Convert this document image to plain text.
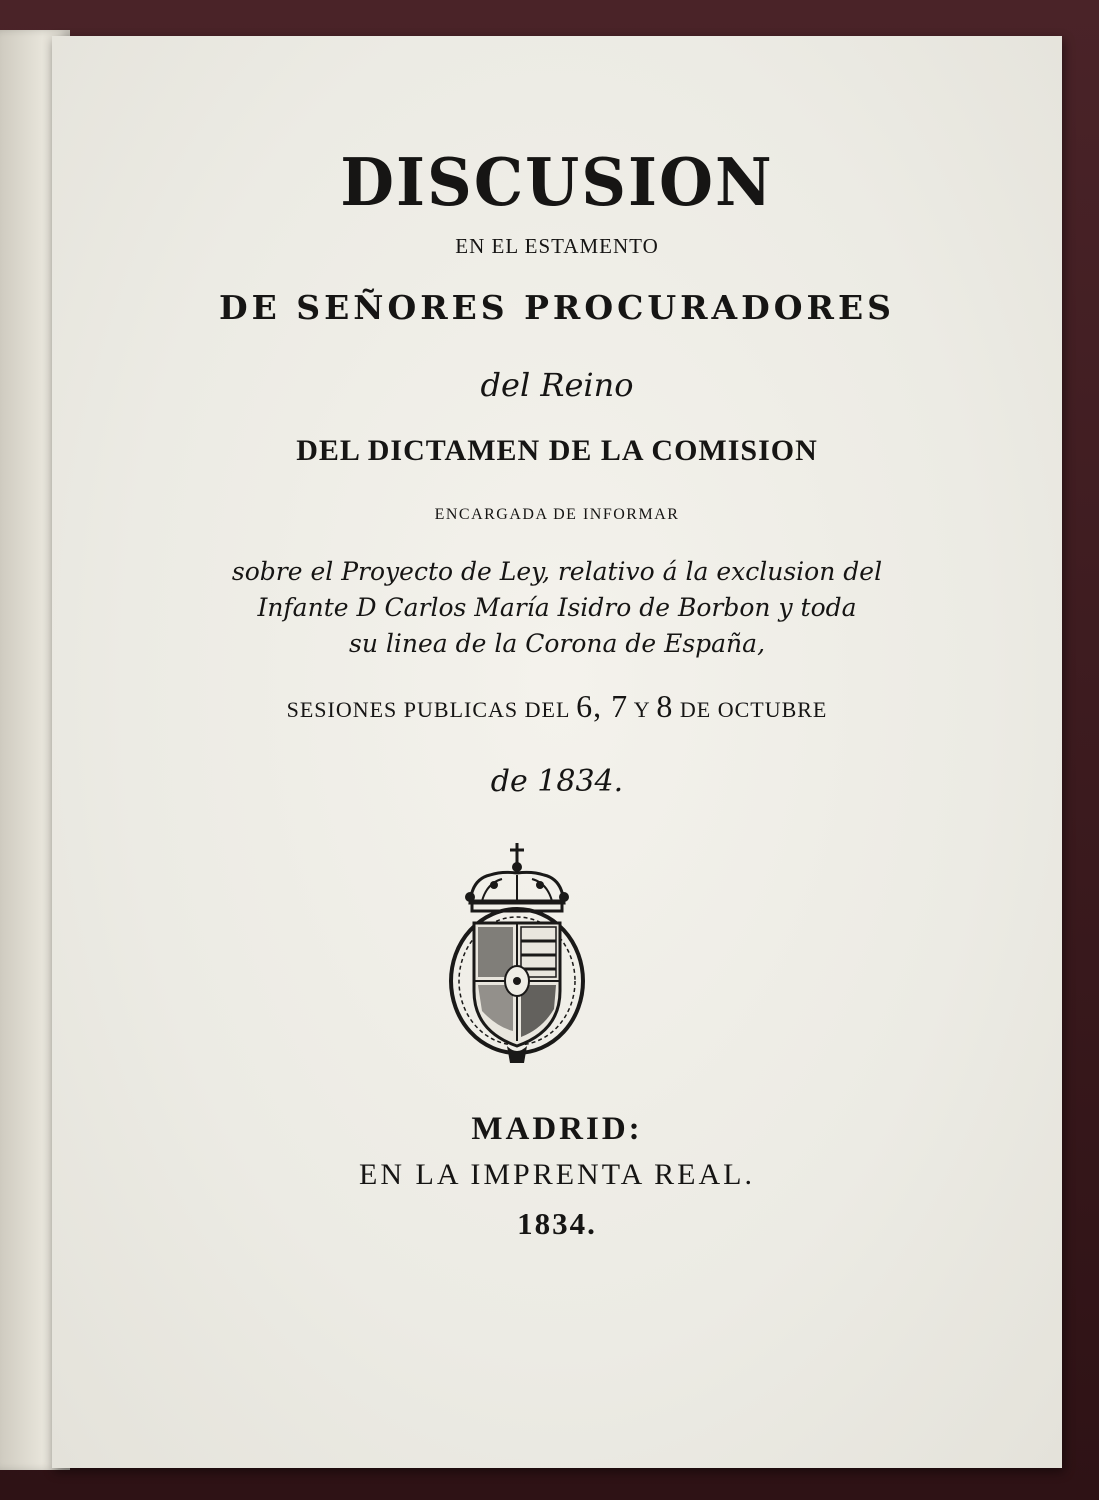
DISCUSION
EN EL ESTAMENTO
DE SEÑORES PROCURADORES
del Reino
DEL DICTAMEN DE LA COMISION
ENCARGADA DE INFORMAR
sobre el Proyecto de Ley, relativo á la exclusion del
Infante D Carlos María Isidro de Borbon y toda
su linea de la Corona de España,
SESIONES PUBLICAS DEL 6, 7 Y 8 DE OCTUBRE
de 1834.
MADRID:
EN LA IMPRENTA REAL.
1834.
